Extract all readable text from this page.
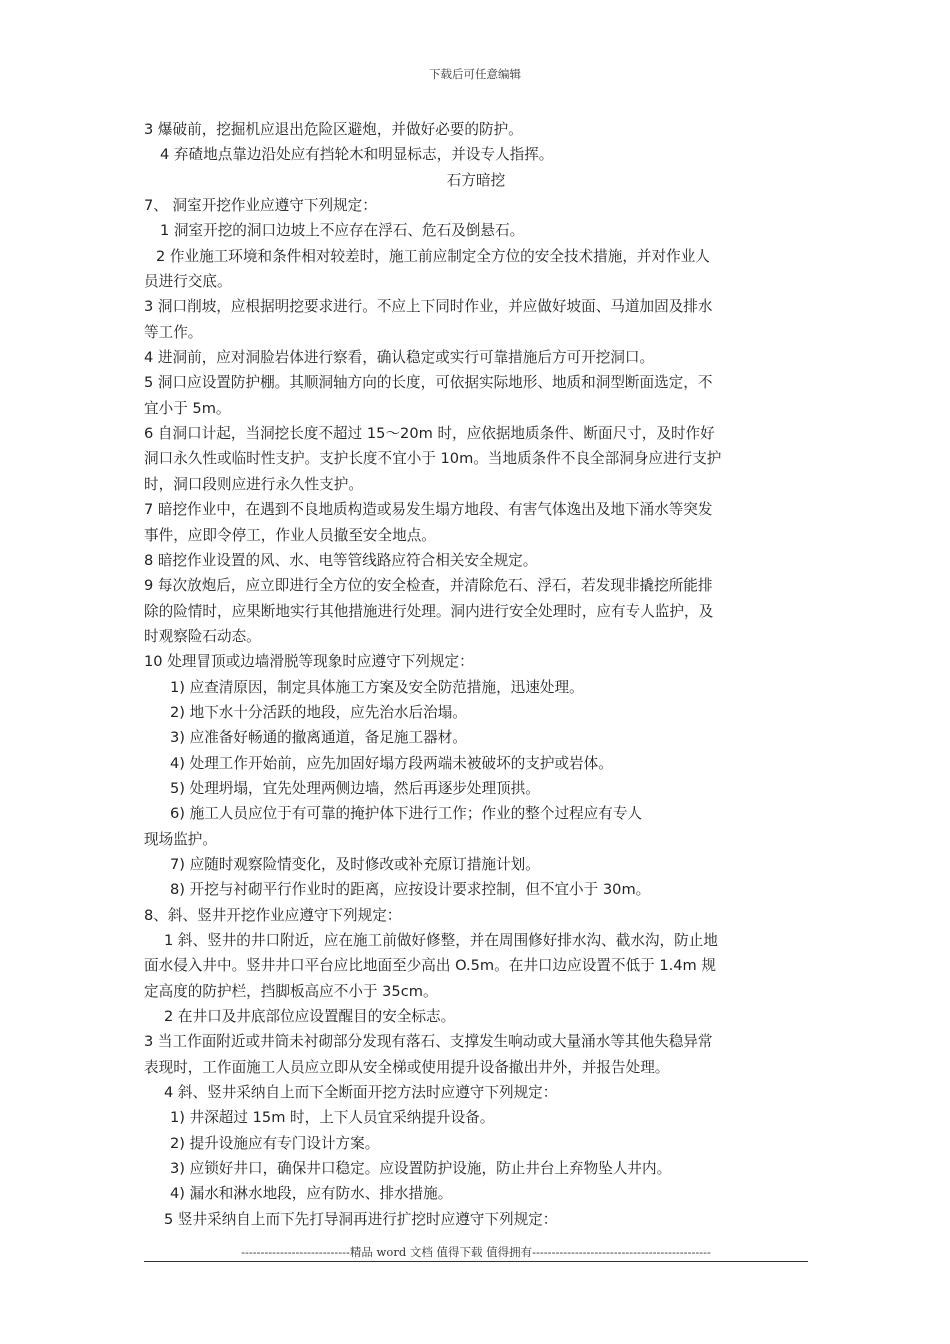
下载后可任意编辑
3 爆破前，挖掘机应退出危险区避炮，并做好必要的防护。
4 弃碴地点靠边沿处应有挡轮木和明显标志，并设专人指挥。
石方暗挖
7、 洞室开挖作业应遵守下列规定：
1 洞室开挖的洞口边坡上不应存在浮石、危石及倒悬石。
2 作业施工环境和条件相对较差时，施工前应制定全方位的安全技术措施，并对作业人
员进行交底。
3 洞口削坡，应根据明挖要求进行。不应上下同时作业，并应做好坡面、马道加固及排水
等工作。
4 进洞前，应对洞脸岩体进行察看，确认稳定或实行可靠措施后方可开挖洞口。
5 洞口应设置防护棚。其顺洞轴方向的长度，可依据实际地形、地质和洞型断面选定，不
宜小于 5m。
6 自洞口计起，当洞挖长度不超过 15～20m 时，应依据地质条件、断面尺寸，及时作好
洞口永久性或临时性支护。支护长度不宜小于 10m。当地质条件不良全部洞身应进行支护
时，洞口段则应进行永久性支护。
7 暗挖作业中，在遇到不良地质构造或易发生塌方地段、有害气体逸出及地下涌水等突发
事件，应即令停工，作业人员撤至安全地点。
8 暗挖作业设置的风、水、电等管线路应符合相关安全规定。
9 每次放炮后，应立即进行全方位的安全检查，并清除危石、浮石，若发现非撬挖所能排
除的险情时，应果断地实行其他措施进行处理。洞内进行安全处理时，应有专人监护，及
时观察险石动态。
10 处理冒顶或边墙滑脱等现象时应遵守下列规定：
1) 应查清原因，制定具体施工方案及安全防范措施，迅速处理。
2) 地下水十分活跃的地段，应先治水后治塌。
3) 应准备好畅通的撤离通道，备足施工器材。
4) 处理工作开始前，应先加固好塌方段两端未被破坏的支护或岩体。
5) 处理坍塌，宜先处理两侧边墙，然后再逐步处理顶拱。
6) 施工人员应位于有可靠的掩护体下进行工作；作业的整个过程应有专人
现场监护。
7) 应随时观察险情变化，及时修改或补充原订措施计划。
8) 开挖与衬砌平行作业时的距离，应按设计要求控制，但不宜小于 30m。
8、斜、竖井开挖作业应遵守下列规定：
1 斜、竖井的井口附近，应在施工前做好修整，并在周围修好排水沟、截水沟，防止地
面水侵入井中。竖井井口平台应比地面至少高出 O.5m。在井口边应设置不低于 1.4m 规
定高度的防护栏，挡脚板高应不小于 35cm。
2 在井口及井底部位应设置醒目的安全标志。
3 当工作面附近或井筒未衬砌部分发现有落石、支撑发生响动或大量涌水等其他失稳异常
表现时，工作面施工人员应立即从安全梯或使用提升设备撤出井外，并报告处理。
4 斜、竖井采纳自上而下全断面开挖方法时应遵守下列规定：
1) 井深超过 15m 时，上下人员宜采纳提升设备。
2) 提升设施应有专门设计方案。
3) 应锁好井口，确保井口稳定。应设置防护设施，防止井台上弃物坠人井内。
4) 漏水和淋水地段，应有防水、排水措施。
5 竖井采纳自上而下先打导洞再进行扩挖时应遵守下列规定：
----------------------------精品 word 文档 值得下载 值得拥有----------------------------------------------
